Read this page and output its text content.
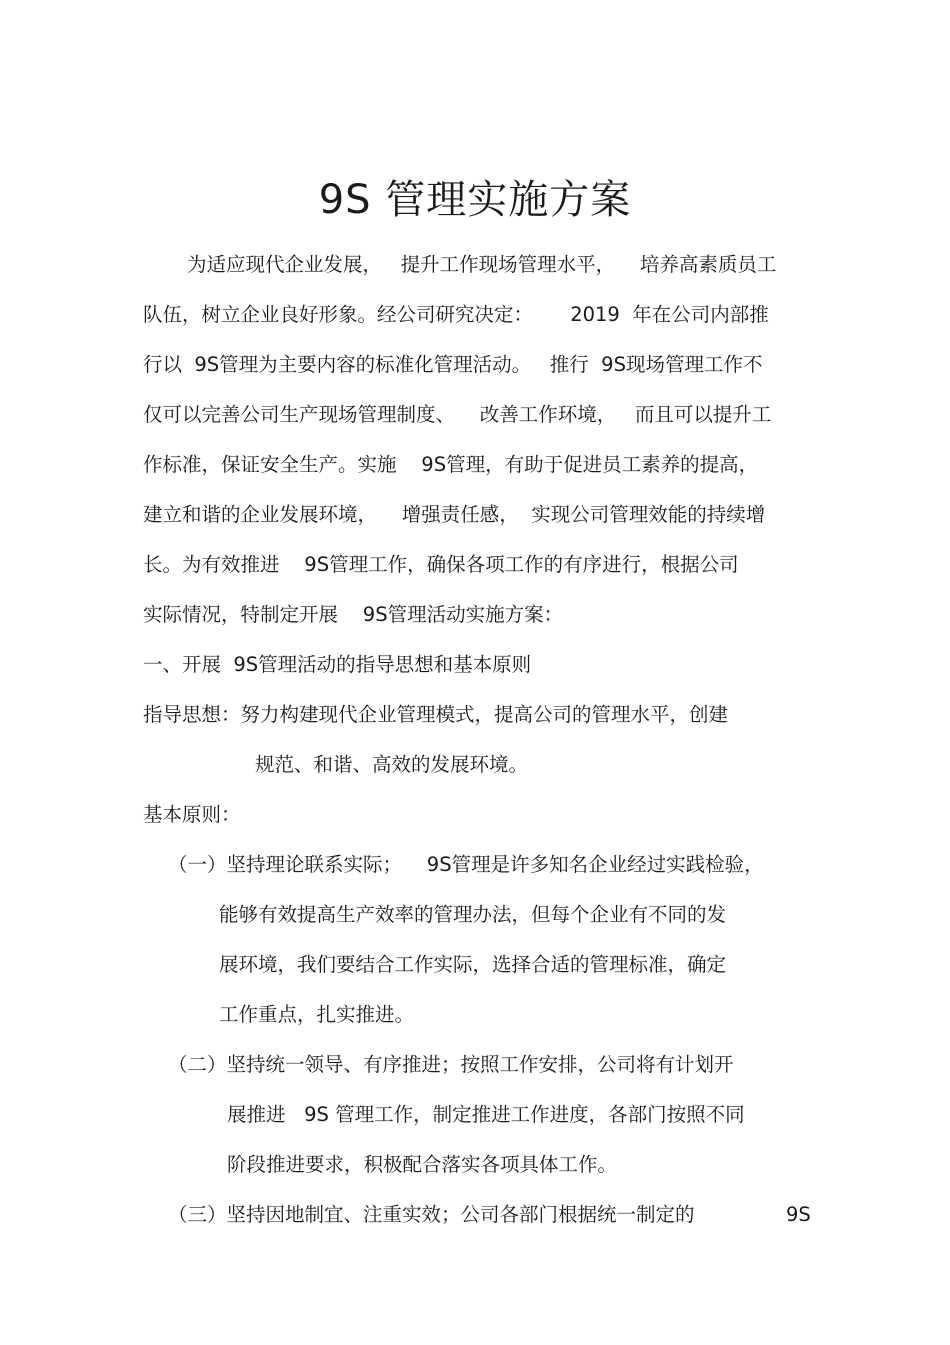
9S 管理实施方案
为适应现代企业发展，   提升工作现场管理水平，    培养高素质员工
队伍，树立企业良好形象。经公司研究决定：      2019  年在公司内部推
行以  9S管理为主要内容的标准化管理活动。   推行  9S现场管理工作不
仅可以完善公司生产现场管理制度、    改善工作环境，   而且可以提升工
作标准，保证安全生产。实施    9S管理，有助于促进员工素养的提高，
建立和谐的企业发展环境，    增强责任感，  实现公司管理效能的持续增
长。为有效推进    9S管理工作，确保各项工作的有序进行，根据公司
实际情况，特制定开展    9S管理活动实施方案：
一、开展  9S管理活动的指导思想和基本原则
指导思想：努力构建现代企业管理模式，提高公司的管理水平，创建
规范、和谐、高效的发展环境。
基本原则：
（一）坚持理论联系实际；    9S管理是许多知名企业经过实践检验，
能够有效提高生产效率的管理办法，但每个企业有不同的发
展环境，我们要结合工作实际，选择合适的管理标准，确定
工作重点，扎实推进。
（二）坚持统一领导、有序推进；按照工作安排，公司将有计划开
展推进   9S 管理工作，制定推进工作进度，各部门按照不同
阶段推进要求，积极配合落实各项具体工作。
（三）坚持因地制宜、注重实效；公司各部门根据统一制定的	9S
